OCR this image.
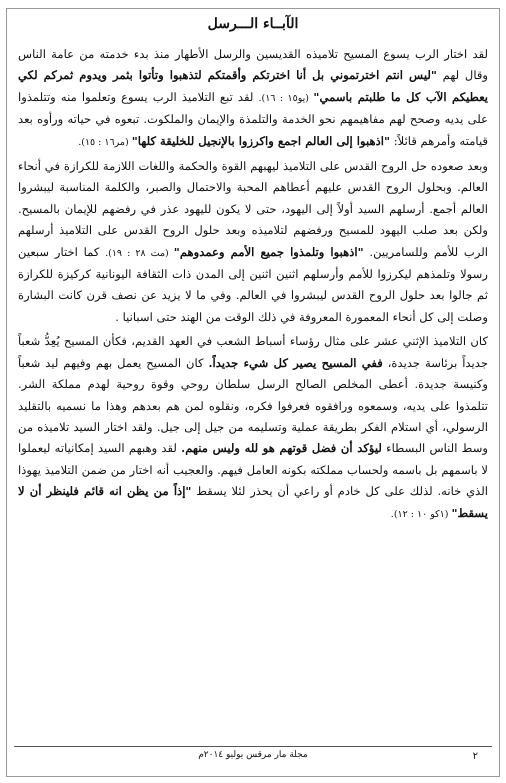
الآبــاء الـــرسل

لقد اختار الرب يسوع المسيح تلاميذه القديسين والرسل الأطهار منذ بدء خدمته من عامة الناس وقال لهم "ليس انتم اخترتموني بل أنا اخترتكم وأقمتكم لتذهبوا وتأتوا بثمر ويدوم ثمركم لكي يعطيكم الآب كل ما طلبتم باسمي" (يو١٥ : ١٦). لقد تبع التلاميذ الرب يسوع وتعلموا منه وتتلمذوا على يديه وصحح لهم مفاهيمهم نحو الخدمة والتلمذة والإيمان والملكوت. تبعوه في حياته ورأوه بعد قيامته وأمرهم قائلاً: "اذهبوا إلى العالم اجمع واكرزوا بالإنجيل للخليقة كلها" (مر١٦ : ١٥).

وبعد صعوده حل الروح القدس على التلاميذ ليهبهم القوة والحكمة واللغات اللازمة للكرازة في أنحاء العالم. وبحلول الروح القدس عليهم أعطاهم المحبة والاحتمال والصبر، والكلمة المناسبة ليبشروا العالم أجمع. أرسلهم السيد أولاً إلى اليهود، حتى لا يكون لليهود عذر في رفضهم للإيمان بالمسيح. ولكن بعد صلب اليهود للمسيح ورفضهم لتلاميذه وبعد حلول الروح القدس على التلاميذ أرسلهم الرب للأمم وللسامريين. "اذهبوا وتلمذوا جميع الأمم وعمدوهم" (مت ٢٨ : ١٩). كما اختار سبعين رسولا وتلمذهم ليكرزوا للأمم وأرسلهم اثنين اثنين إلى المدن ذات الثقافة اليونانية كركيزة للكرازة ثم جالوا بعد حلول الروح القدس ليبشروا في العالم. وفي ما لا يزيد عن نصف قرن كانت البشارة وصلت إلى كل أنحاء المعمورة المعروفة في ذلك الوقت من الهند حتى اسبانيا .

كان التلاميذ الإثني عشر على مثال رؤساء أسباط الشعب في العهد القديم، فكأن المسيح يُعِدُّ شعباً جديداً برئاسة جديدة، ففي المسيح يصير كل شيء جديداً. كان المسيح يعمل بهم وفيهم ليد شعباً وكنيسة جديدة. أعطى المخلص الصالح الرسل سلطان روحي وقوة روحية لهدم مملكة الشر. تتلمذوا على يديه، وسمعوه ورافقوه فعرفوا فكره، ونقلوه لمن هم بعدهم وهذا ما نسميه بالتقليد الرسولي، أي استلام الفكر بطريقة عملية وتسليمه من جيل إلى جيل. ولقد اختار السيد تلاميذه من وسط الناس البسطاء ليؤكد أن فضل قوتهم هو لله وليس منهم. لقد وهبهم السيد إمكانياته ليعملوا لا باسمهم بل باسمه ولحساب مملكته بكونه العامل فيهم. والعجيب أنه اختار من ضمن التلاميذ يهوذا الذي خانه. لذلك على كل خادم أو راعي أن يحذر لئلا يسقط "إذاً من يظن انه قائم فلينظر أن لا يسقط" (١كو ١٠ : ١٢).

مجلة مار مرقس يوليو ٢٠١٤م	٢
